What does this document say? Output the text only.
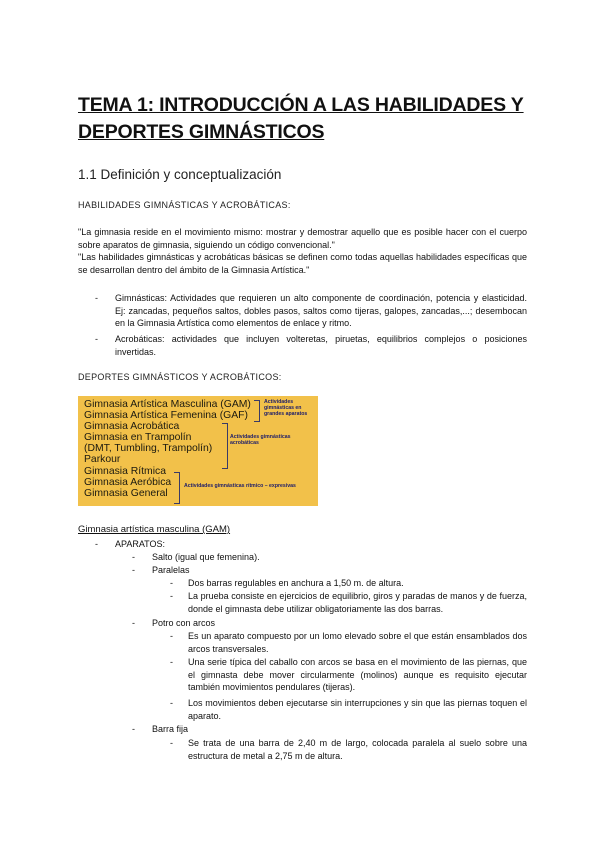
TEMA 1: INTRODUCCIÓN A LAS HABILIDADES Y DEPORTES GIMNÁSTICOS
1.1 Definición y conceptualización
HABILIDADES GIMNÁSTICAS Y ACROBÁTICAS:

"La gimnasia reside en el movimiento mismo: mostrar y demostrar aquello que es posible hacer con el cuerpo sobre aparatos de gimnasia, siguiendo un código convencional."

"Las habilidades gimnásticas y acrobáticas básicas se definen como todas aquellas habilidades específicas que se desarrollan dentro del ámbito de la Gimnasia Artística."

- Gimnásticas: Actividades que requieren un alto componente de coordinación, potencia y elasticidad. Ej: zancadas, pequeños saltos, dobles pasos, saltos como tijeras, galopes, zancadas,...; desembocan en la Gimnasia Artística como elementos de enlace y ritmo.
- Acrobáticas: actividades que incluyen volteretas, piruetas, equilibrios complejos o posiciones invertidas.
DEPORTES GIMNÁSTICOS Y ACROBÁTICOS:
Gimnasia Artística Masculina (GAM)
Gimnasia Artística Femenina (GAF)
Gimnasia Acrobática
Gimnasia en Trampolín
(DMT, Tumbling, Trampolín)
Parkour
Gimnasia Rítmica
Gimnasia Aeróbica
Gimnasia General
Actividades gimnásticas en grandes aparatos
Actividades gimnásticas acrobáticas
Actividades gimnásticas rítmico – expresivas
Gimnasia artística masculina (GAM)
- APARATOS:
- Salto (igual que femenina).
- Paralelas
- Dos barras regulables en anchura a 1,50 m. de altura.
- La prueba consiste en ejercicios de equilibrio, giros y paradas de manos y de fuerza, donde el gimnasta debe utilizar obligatoriamente las dos barras.
- Potro con arcos
- Es un aparato compuesto por un lomo elevado sobre el que están ensamblados dos arcos transversales.
- Una serie típica del caballo con arcos se basa en el movimiento de las piernas, que el gimnasta debe mover circularmente (molinos) aunque es requisito ejecutar también movimientos pendulares (tijeras).
- Los movimientos deben ejecutarse sin interrupciones y sin que las piernas toquen el aparato.
- Barra fija
- Se trata de una barra de 2,40 m de largo, colocada paralela al suelo sobre una estructura de metal a 2,75 m de altura.
